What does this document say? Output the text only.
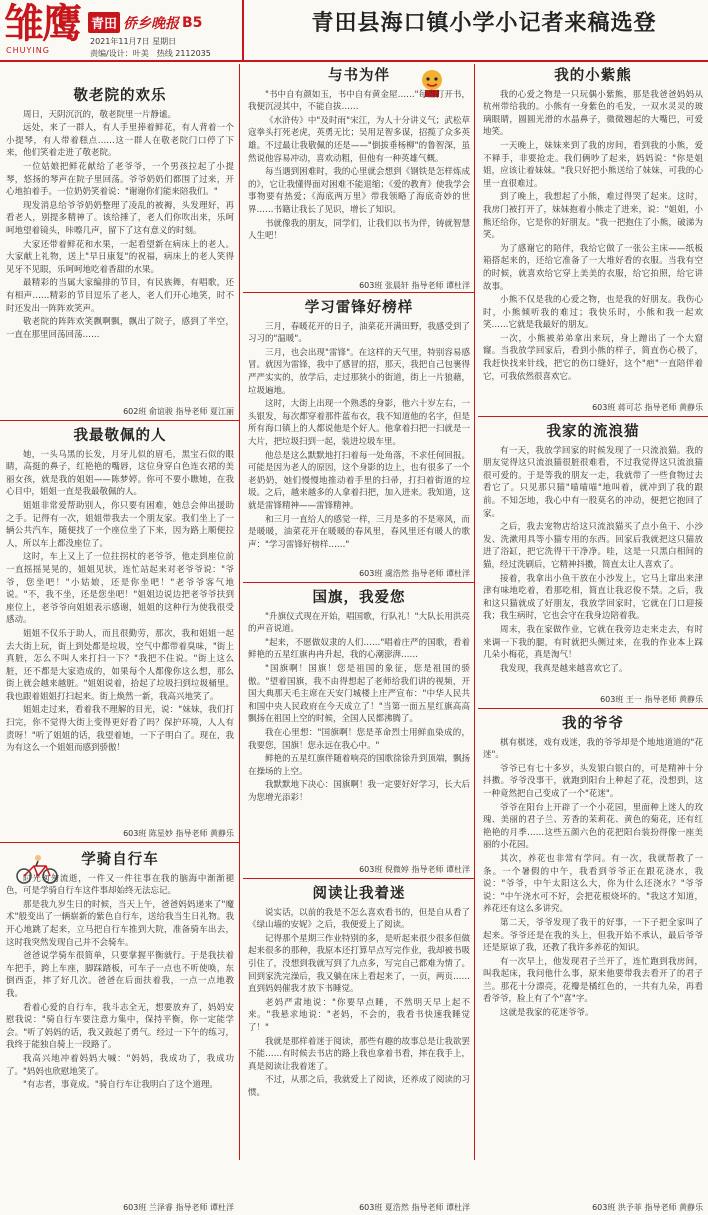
雏鹰
CHUYING
青田 侨乡晚报 B5
2021年11月7日 星期日
责编/设计：叶美　热线 2112035
青田县海口镇小学小记者来稿选登
敬老院的欢乐

周日，天阴沉沉的，敬老院里一片静谧。

远处，来了一群人，有人手里捧着鲜花，有人背着一个小提琴，有人带着糕点……这一群人在敬老院门口停了下来，他们笑着走进了敬老院。

一位姑娘把鲜花献给了老爷爷，一个男孩拉起了小提琴，悠扬的琴声在院子里回荡。爷爷奶奶们都围了过来，开心地拍着手。一位奶奶笑着说："谢谢你们能来陪我们。"

现发消息给爷爷奶奶整理了凌乱的被褥，头发理好，再看老人，别提多精神了。该给捶了，老人们你吹出来，乐呵呵地望着镜头，咔嚓几声，留下了这有意义的时刻。

大家还带着鲜花和水果，一起看望新在病床上的老人。大家献上礼物，送上"早日康复"的祝福，病床上的老人笑得见牙不见眼，乐呵呵地吃着香甜的水果。

最精彩的当属大家编排的节目，有民族舞，有唱歌，还有相声……精彩的节目逗乐了老人，老人们开心地笑，时不时还发出一阵阵欢笑声。

敬老院的阵阵欢笑飘啊飘，飘出了院子，感到了半空，一直在那里回荡回荡……

602班 俞谊骏 指导老师 夏江丽
我最敬佩的人

她，一头乌黑的长发，月牙儿似的眉毛，黑宝石似的眼睛，高挺的鼻子，红艳艳的嘴唇，这位身穿白色连衣裙的美丽女孩，就是我的姐姐——陈梦婷。你可不要小瞧她，在我心目中，姐姐一直是我最敬佩的人。

姐姐非常爱帮助别人，你只要有困难，她总会伸出援助之手。记得有一次，姐姐带我去一个朋友家。我们坐上了一辆公共汽车，随便找了一个座位坐了下来，因为路上顺便拉人，所以车上都没座位了。

这时，车上又上了一位拄拐杖的老爷爷，他走到座位前一直摇摇晃晃的，姐姐见状，连忙站起来对老爷爷说："爷爷，您坐吧！"小姑娘，还是你坐吧！"老爷爷客气地说。"不，我不坐，还是您坐吧！"姐姐边说边把老爷爷扶到座位上，老爷爷向姐姐表示感谢，姐姐的这种行为使我很受感动。

姐姐不仅乐于助人，而且很勤劳，那次，我和姐姐一起去大街上玩，街上到处都是垃圾，空气中都带着臭味，"街上真脏，怎么不叫人来打扫一下？"我把不住说。"街上这么脏，还不都是大家造成的，如果每个人都像你这么想，那么街上就会越来越脏。"姐姐说着，拾起了垃圾扫到垃圾桶里。我也跟着姐姐打扫起来。街上焕然一新，我高兴地笑了。

姐姐走过来，看着我不理解的目光，说："妹妹，我们打扫完，你不觉得大街上变得更好看了吗？保护环境，人人有责呀！"听了姐姐的话，我望着她，一下子明白了。现在，我为有这么一个姐姐而感到骄傲！

603班 陈星妙 指导老师 黄静乐
学骑自行车

时光匆匆流逝，一件又一件往事在我的脑海中渐渐褪色，可是学骑自行车这件事却始终无法忘记。

那是我九岁生日的时候，当天上午，爸爸妈妈递来了"魔术"般变出了一辆崭新的紫色自行车，送给我当生日礼物。我开心地跳了起来，立马把自行车推到大院，准备骑车出去，这时我突然发现自己并不会骑车。

爸爸说学骑车很简单，只要掌握平衡就行。于是我扶着车把手，跨上车座，脚踩踏板，可车子一点也不听使唤，东倒西歪，摔了好几次。爸爸在后面扶着我，一点一点地教我。

看着心爱的自行车，我斗志全无，想要放弃了，妈妈安慰我说："骑自行车要注意力集中，保持平衡，你一定能学会。"听了妈妈的话，我又鼓起了勇气。经过一下午的练习，我终于能独自骑上一段路了。

我高兴地冲着妈妈大喊："妈妈，我成功了，我成功了。"妈妈也欣慰地笑了。

"有志者，事竟成。"骑自行车让我明白了这个道理。

603班 兰泽睿 指导老师 谭杜洋
与书为伴

"书中自有颜如玉，书中自有黄金屋……"每当打开书，我便沉浸其中，不能自拔……

《水浒传》中"及时雨"宋江，为人十分讲义气；武松草寇拳头打死老虎，英勇无比；吴用足智多谋，招揽了众多英雄。不过最让我敬佩的还是——"倒拔垂杨柳"的鲁智深，虽然说他容易冲动，喜欢动粗，但他有一种英雄气概。

每当遇到困难时，我的心里就会想到《钢铁是怎样炼成的》，它让我懂得面对困难不能退缩；《爱的教育》使我学会事物要有热爱；《海底两万里》带我领略了海底奇妙的世界……书籍让我长了见识，增长了知识。

书就像我的朋友，同学们，让我们以书为伴，铸就智慧人生吧！

603班 张晨轩 指导老师 谭杜洋
学习雷锋好榜样

三月，春暖花开的日子，油菜花开满田野，我感受到了习习的"温暖"。

三月，也会出现"雷锋"。在这样的天气里，特别容易感冒。就因为雷锋，我中了感冒的招，那天，我把自己包裹得严严实实的，放学后，走过那狭小的街道，街上一片狼藉，垃圾遍地。

这时，大街上出现一个熟悉的身影，他六十岁左右，一头银发，每次都穿着那件蓝布衣，我不知道他的名字，但是所有海口镇上的人都说他是个好人。他拿着扫把一扫就是一大片，把垃圾扫到一起，装进垃圾车里。

他总是这么默默地打扫着每一处角落，不求任何回报。可能是因为老人的原因，这个身影的边上，也有很多了一个老奶奶，她们慢慢地推动着手里的扫帚，打扫着街道的垃圾。之后，越来越多的人拿着扫把，加入进来。我知道，这就是雷锋精神——雷锋精神。

和三月一直给人的感觉一样，三月是多的不是寒风，而是暖暖，油菜花开在暖暖的春风里，春风里还有暖人的歌声："学习雷锋好榜样……"

603班 虞浩然 指导老师 谭杜洋
国旗，我爱您

"升旗仪式现在开始，唱国歌，行队礼！"大队长用洪亮的声音说道。

"起来，不愿做奴隶的人们……"唱着庄严的国歌，看着鲜艳的五星红旗冉冉升起，我的心潮澎湃……

"国旗啊！国旗！您是祖国的象征，您是祖国的骄傲。"望着国旗，我不由得想起了老师给我们讲的视频，开国大典那天毛主席在天安门城楼上庄严宣布："中华人民共和国中央人民政府在今天成立了！"当第一面五星红旗高高飘扬在祖国上空的时候，全国人民都沸腾了。

我在心里想："国旗啊！您是革命烈士用鲜血染成的，我要您，国旗！您永远在我心中。"

鲜艳的五星红旗伴随着响亮的国歌徐徐升到顶端，飘扬在操场的上空。

我默默地下决心：国旗啊！我一定要好好学习，长大后为您增光添彩！

603班 倪微婷 指导老师 谭杜洋
阅读让我着迷

说实话，以前的我是不怎么喜欢看书的，但是自从看了《绿山墙的安妮》之后，我便爱上了阅读。

记得那个星期三作业特别的多，是听起来很少很多但做起来很多的那种，我原本还打算早点写完作业，我却被书吸引住了，没想到我就写到了九点多，写完自己都难为情了。回到家洗完澡后，我又躺在床上看起来了，一页，两页……直到妈妈催我才放下书睡觉。

老妈严肃地说："你要早点睡，不然明天早上起不来。"我悬求地说："老妈，不会的，我看书快速我睡觉了！"

我就是那样着迷于阅读，那些有趣的故事总是让我欲罢不能……有时候去书店的路上我也拿着书看，摔在我手上，真是阅读让我着迷了。

不过，从那之后，我就爱上了阅读，还养成了阅读的习惯。

603班 夏浩然 指导老师 谭杜洋
我的小紫熊

我的心爱之物是一只玩偶小紫熊，那是我爸爸妈妈从杭州带给我的。小熊有一身紫色的毛发，一双水灵灵的玻璃眼睛，圆圆光滑的水晶鼻子，微微翘起的大嘴巴，可爱地笑。

一天晚上，妹妹来到了我的房间，看到我的小熊，爱不释手，非要抢走。我们俩吵了起来，妈妈说："你是姐姐，应该让着妹妹。"我只好把小熊送给了妹妹，可我的心里一直很难过。

到了晚上，我想起了小熊，难过得哭了起来。这时，我房门被打开了，妹妹抱着小熊走了进来，说："姐姐，小熊还给你，它是你的好朋友。"我一把抱住了小熊，破涕为笑。

为了感谢它的陪伴，我给它做了一张公主床——纸板箱搭起来的，还给它准备了一大堆好看的衣服。当我有空的时候，就喜欢给它穿上美美的衣服，给它拍照，给它讲故事。

小熊不仅是我的心爱之物，也是我的好朋友。我伤心时，小熊倾听我的难过；我快乐时，小熊和我一起欢笑……它就是我最好的朋友。

一次，小熊被弟弟拿出来玩，身上蹭出了一个大窟窿。当我放学回家后，看到小熊的样子，简直伤心极了，我赶快找来针线，把它的伤口缝好，这个"疤"一直陪伴着它，可我依然很喜欢它。

603班 蒋可芯 指导老师 黄静乐
我家的流浪猫

有一天，我放学回家的时候发现了一只流浪猫。我的朋友觉得这只流浪猫很脏很难看，不过我觉得这只流浪猫很可爱的。于是等我的朋友一走，我就带了一些食物过去看它了。只见那只猫"喵喵喵"地叫着，就冲到了我的跟前。不知怎地，我心中有一股莫名的冲动，便把它抱回了家。

之后，我去宠物店给这只流浪猫买了点小鱼干、小沙发、洗漱用具等小猫专用的东西。回家后我就把这只猫放进了浴缸，把它洗得干干净净。哇，这是一只黑白相间的猫，经过洗刷后，它精神抖擞，简直太让人喜欢了。

接着，我拿出小鱼干放在小沙发上，它马上窜出来津津有味地吃着，看那吃相，简直让我忍俊不禁。之后，我和这只猫就成了好朋友，我放学回家时，它就在门口迎接我；我生病时，它也会守在我身边陪着我。

周末，我在家做作业，它就在我旁边走来走去，有时来调一下我的腿，有时就把头侧过来，在我的作业本上踩几朵小梅花，真是淘气！

我发现，我真是越来越喜欢它了。

603班 王一 指导老师 黄静乐
我的爷爷

棋有棋迷，戏有戏迷，我的爷爷却是个地地道道的"花迷"。

爷爷已有七十多岁，头发银白银白的，可是精神十分抖擞。爷爷没事干，就跑到阳台上种起了花，没想到，这一种竟然把自己变成了一个"花迷"。

爷爷在阳台上开辟了一个小花园，里面种上迷人的玫瑰、美丽的君子兰、芳香的茉莉花、黄色的菊花，还有红艳艳的月季……这些五颜六色的花把阳台装扮得像一座美丽的小花园。

其次，养花也非常有学问。有一次，我就帮教了一条。一个暑假的中午，我看到爷爷正在跟花浇水，我说："爷爷，中午太阳这么大，你为什么还浇水？"爷爷说："中午浇水可不好，会把花根烧坏的。"我这才知道，养花还有这么多讲究。

第二天，爷爷发现了我干的好事，一下子把全家叫了起来。爷爷还是在我的头上，但我开始不承认，最后爷爷还是原谅了我，还教了我许多养花的知识。

有一次早上，他发现君子兰开了，连忙跑到我房间，叫我起床，我问他什么事，原来他要带我去看开了的君子兰。那花十分漂亮，花瓣是橘红色的，一共有九朵，再看看爷爷，脸上有了个"喜"字。

这就是我家的花迷爷爷。

603班 洪予菲 指导老师 黄静乐
